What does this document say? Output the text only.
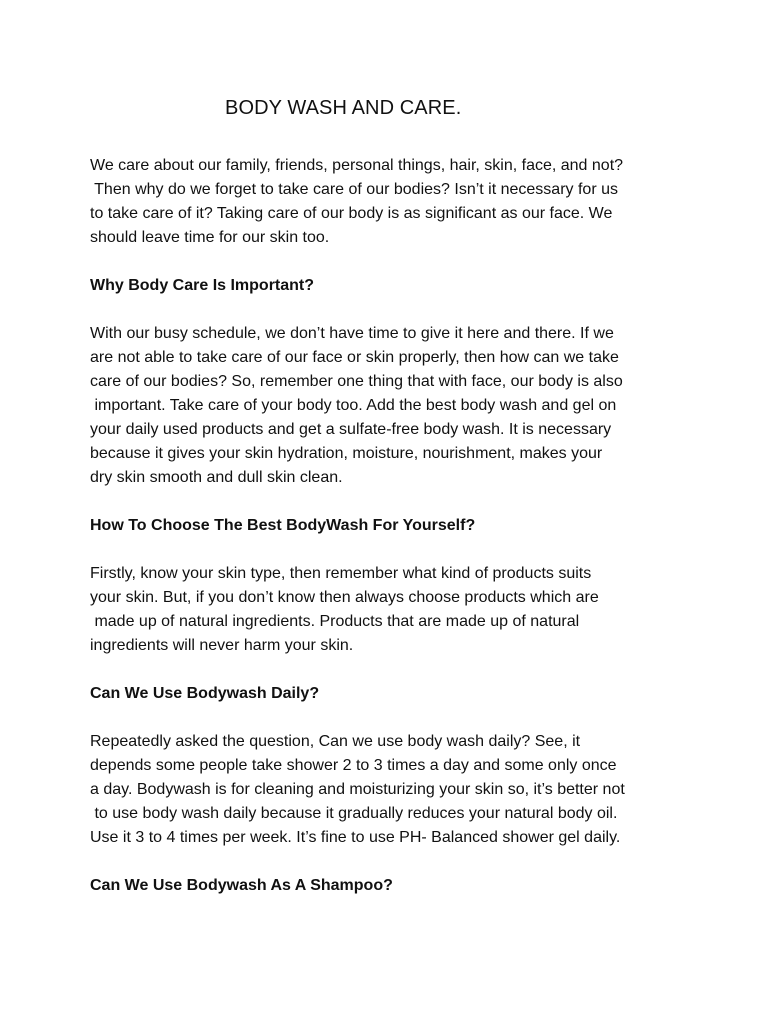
BODY WASH AND CARE.
We care about our family, friends, personal things, hair, skin, face, and not?
Then why do we forget to take care of our bodies? Isn’t it necessary for us
to take care of it? Taking care of our body is as significant as our face. We
should leave time for our skin too.
Why Body Care Is Important?
With our busy schedule, we don’t have time to give it here and there. If we
are not able to take care of our face or skin properly, then how can we take
care of our bodies? So, remember one thing that with face, our body is also
important. Take care of your body too. Add the best body wash and gel on
your daily used products and get a sulfate-free body wash. It is necessary
because it gives your skin hydration, moisture, nourishment, makes your
dry skin smooth and dull skin clean.
How To Choose The Best BodyWash For Yourself?
Firstly, know your skin type, then remember what kind of products suits
your skin. But, if you don’t know then always choose products which are
made up of natural ingredients. Products that are made up of natural
ingredients will never harm your skin.
Can We Use Bodywash Daily?
Repeatedly asked the question, Can we use body wash daily? See, it
depends some people take shower 2 to 3 times a day and some only once
a day. Bodywash is for cleaning and moisturizing your skin so, it’s better not
to use body wash daily because it gradually reduces your natural body oil.
Use it 3 to 4 times per week. It’s fine to use PH- Balanced shower gel daily.
Can We Use Bodywash As A Shampoo?
